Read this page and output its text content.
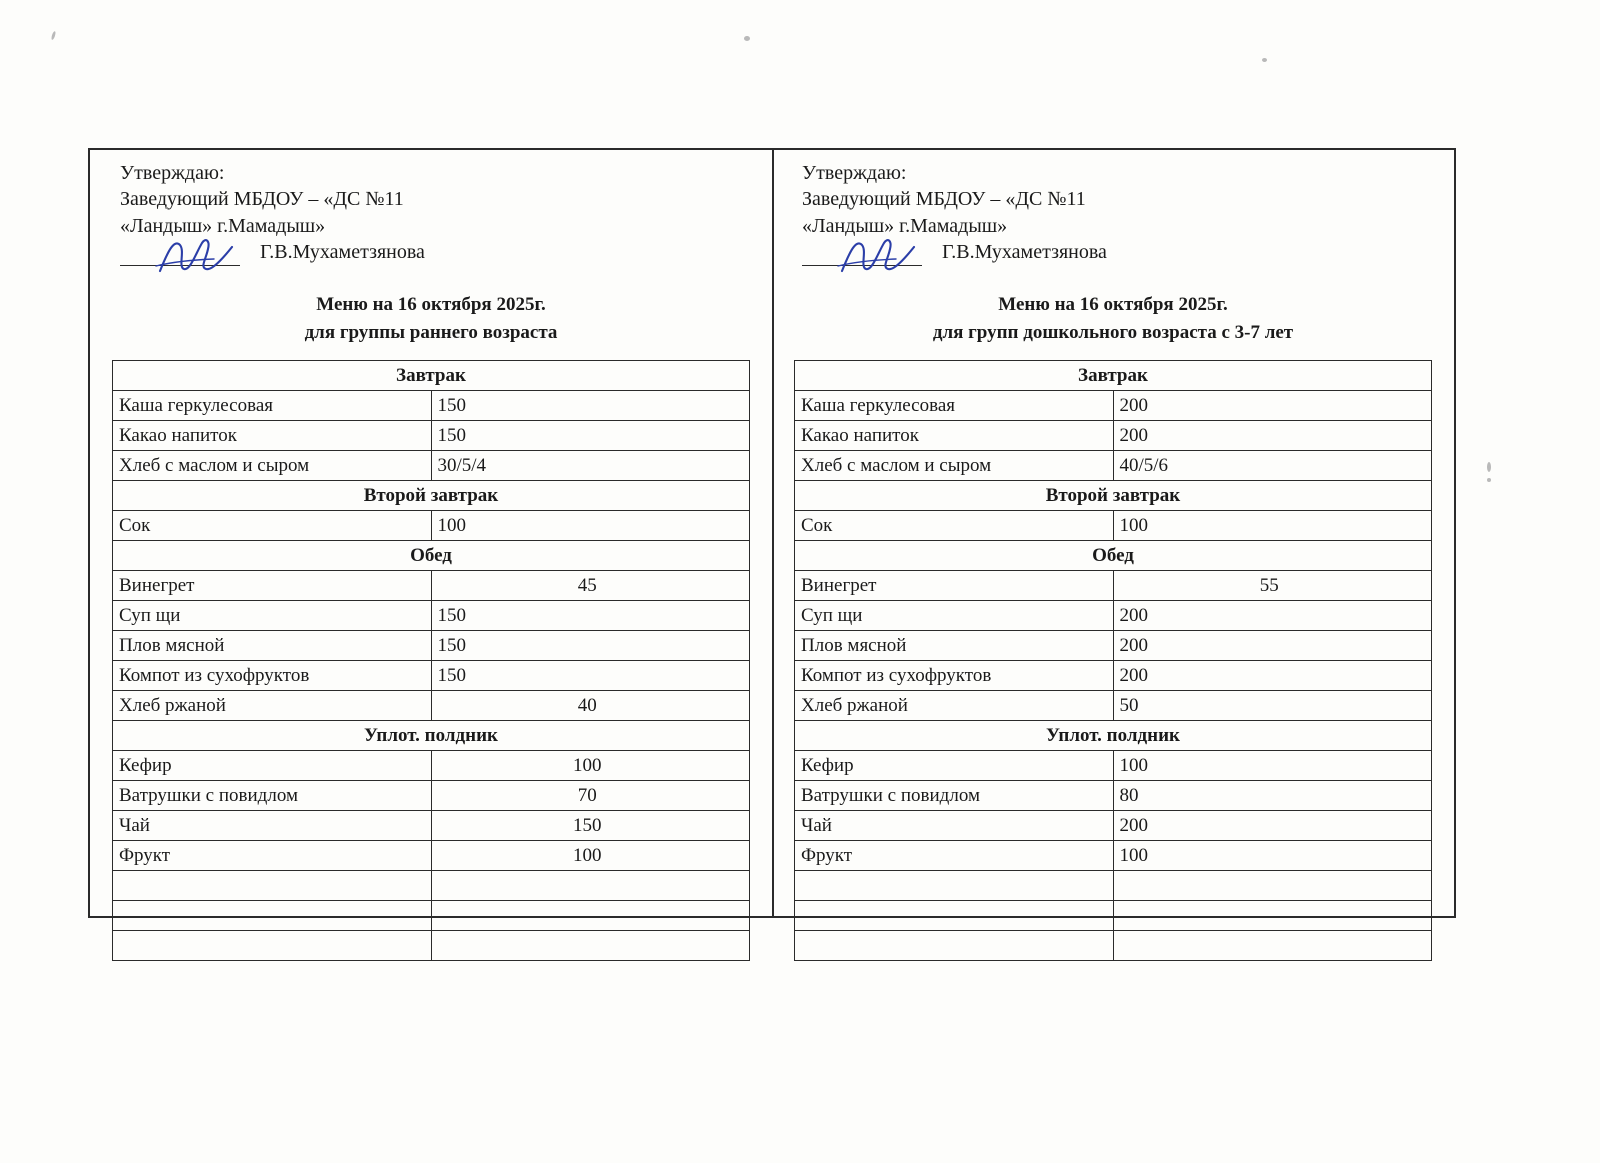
Утверждаю:
Заведующий МБДОУ – «ДС №11
«Ландыш» г.Мамадыш»
Г.В.Мухаметзянова
Меню на 16 октября 2025г.
для группы раннего возраста
Завтрак	
Каша геркулесовая	150
Какао напиток	150
Хлеб с маслом и сыром	30/5/4
Второй завтрак	
Сок	100
Обед	
Винегрет	45
Суп щи	150
Плов мясной	150
Компот из сухофруктов	150
Хлеб ржаной	40
Уплот. полдник	
Кефир	100
Ватрушки с повидлом	70
Чай	150
Фрукт	100

Утверждаю:
Заведующий МБДОУ – «ДС №11
«Ландыш» г.Мамадыш»
Г.В.Мухаметзянова
Меню на 16 октября 2025г.
для групп дошкольного возраста с 3-7 лет
Завтрак	
Каша геркулесовая	200
Какао напиток	200
Хлеб с маслом и сыром	40/5/6
Второй завтрак	
Сок	100
Обед	
Винегрет	55
Суп щи	200
Плов мясной	200
Компот из сухофруктов	200
Хлеб ржаной	50
Уплот. полдник	
Кефир	100
Ватрушки с повидлом	80
Чай	200
Фрукт	100
